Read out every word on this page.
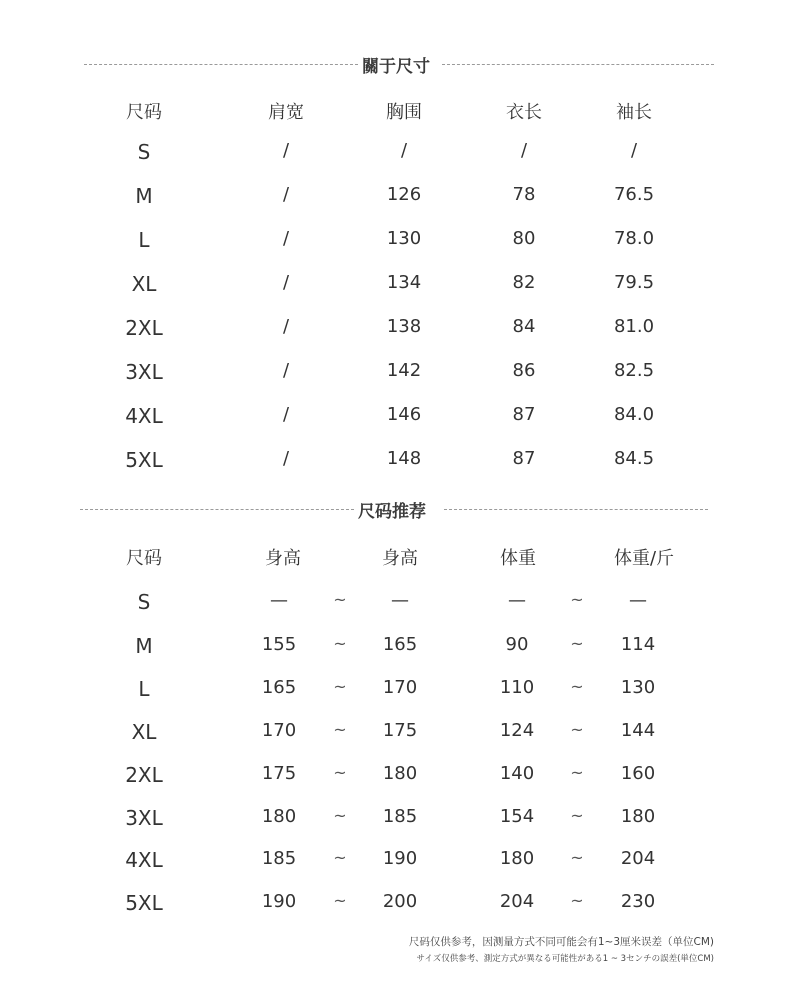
關于尺寸
尺码	肩宽	胸围	衣长	袖长
S	/	/	/	/
M	/	126	78	76.5
L	/	130	80	78.0
XL	/	134	82	79.5
2XL	/	138	84	81.0
3XL	/	142	86	82.5
4XL	/	146	87	84.0
5XL	/	148	87	84.5
尺码推荐
尺码	身高	身高	体重	体重/斤
S	—	~ —	—	~	—
M	155 ~ 165	90	~ 114
L	165 ~ 170	110 ~ 130
XL	170 ~ 175	124 ~ 144
2XL	175 ~ 180	140 ~ 160
3XL	180 ~ 185	154 ~ 180
4XL	185 ~ 190	180 ~ 204
5XL	190 ~ 200	204 ~ 230
尺码仅供参考，因测量方式不同可能会有1~3厘米误差（单位CM)
サイズ仅供参考、測定方式が異なる可能性がある1 ~ 3センチの誤差(単位CM)
